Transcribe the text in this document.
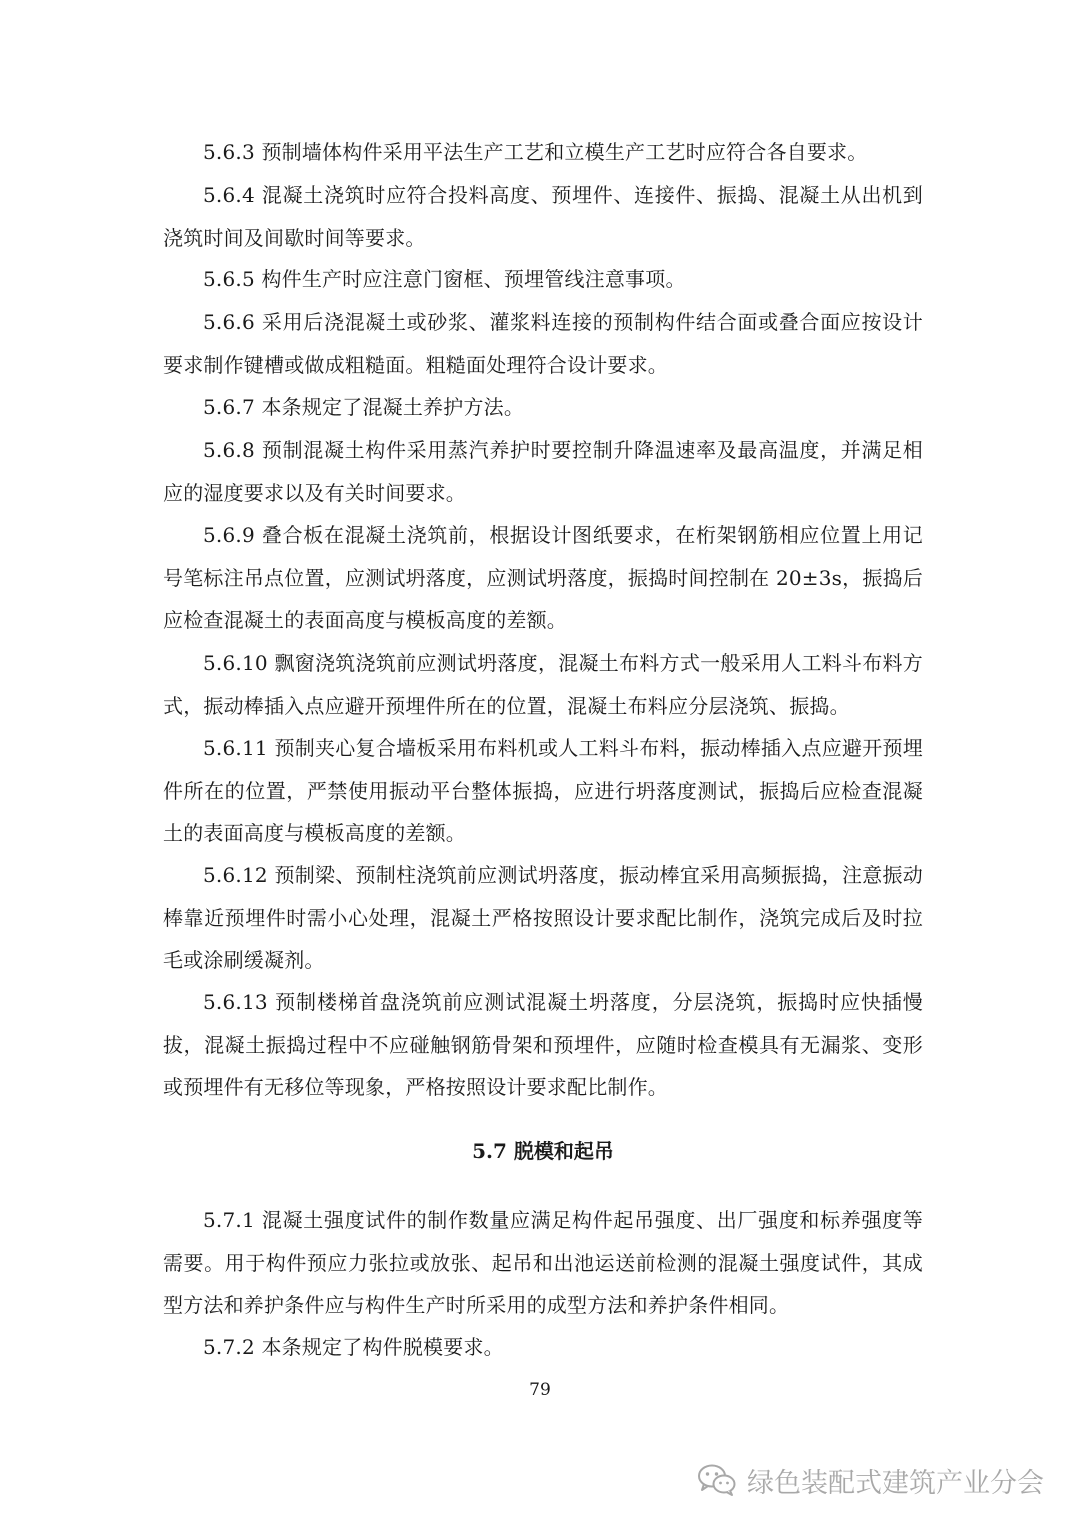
5.6.3 预制墙体构件采用平法生产工艺和立模生产工艺时应符合各自要求。

5.6.4 混凝土浇筑时应符合投料高度、预埋件、连接件、振捣、混凝土从出机到浇筑时间及间歇时间等要求。

5.6.5 构件生产时应注意门窗框、预埋管线注意事项。

5.6.6 采用后浇混凝土或砂浆、灌浆料连接的预制构件结合面或叠合面应按设计要求制作键槽或做成粗糙面。粗糙面处理符合设计要求。

5.6.7 本条规定了混凝土养护方法。

5.6.8 预制混凝土构件采用蒸汽养护时要控制升降温速率及最高温度，并满足相应的湿度要求以及有关时间要求。

5.6.9 叠合板在混凝土浇筑前，根据设计图纸要求，在桁架钢筋相应位置上用记号笔标注吊点位置，应测试坍落度，应测试坍落度，振捣时间控制在 20±3s，振捣后应检查混凝土的表面高度与模板高度的差额。

5.6.10 飘窗浇筑浇筑前应测试坍落度，混凝土布料方式一般采用人工料斗布料方式，振动棒插入点应避开预埋件所在的位置，混凝土布料应分层浇筑、振捣。

5.6.11 预制夹心复合墙板采用布料机或人工料斗布料，振动棒插入点应避开预埋件所在的位置，严禁使用振动平台整体振捣，应进行坍落度测试，振捣后应检查混凝土的表面高度与模板高度的差额。

5.6.12 预制梁、预制柱浇筑前应测试坍落度，振动棒宜采用高频振捣，注意振动棒靠近预埋件时需小心处理，混凝土严格按照设计要求配比制作，浇筑完成后及时拉毛或涂刷缓凝剂。

5.6.13 预制楼梯首盘浇筑前应测试混凝土坍落度，分层浇筑，振捣时应快插慢拔，混凝土振捣过程中不应碰触钢筋骨架和预埋件，应随时检查模具有无漏浆、变形或预埋件有无移位等现象，严格按照设计要求配比制作。

5.7 脱模和起吊

5.7.1 混凝土强度试件的制作数量应满足构件起吊强度、出厂强度和标养强度等需要。用于构件预应力张拉或放张、起吊和出池运送前检测的混凝土强度试件，其成型方法和养护条件应与构件生产时所采用的成型方法和养护条件相同。

5.7.2 本条规定了构件脱模要求。

79
绿色装配式建筑产业分会
